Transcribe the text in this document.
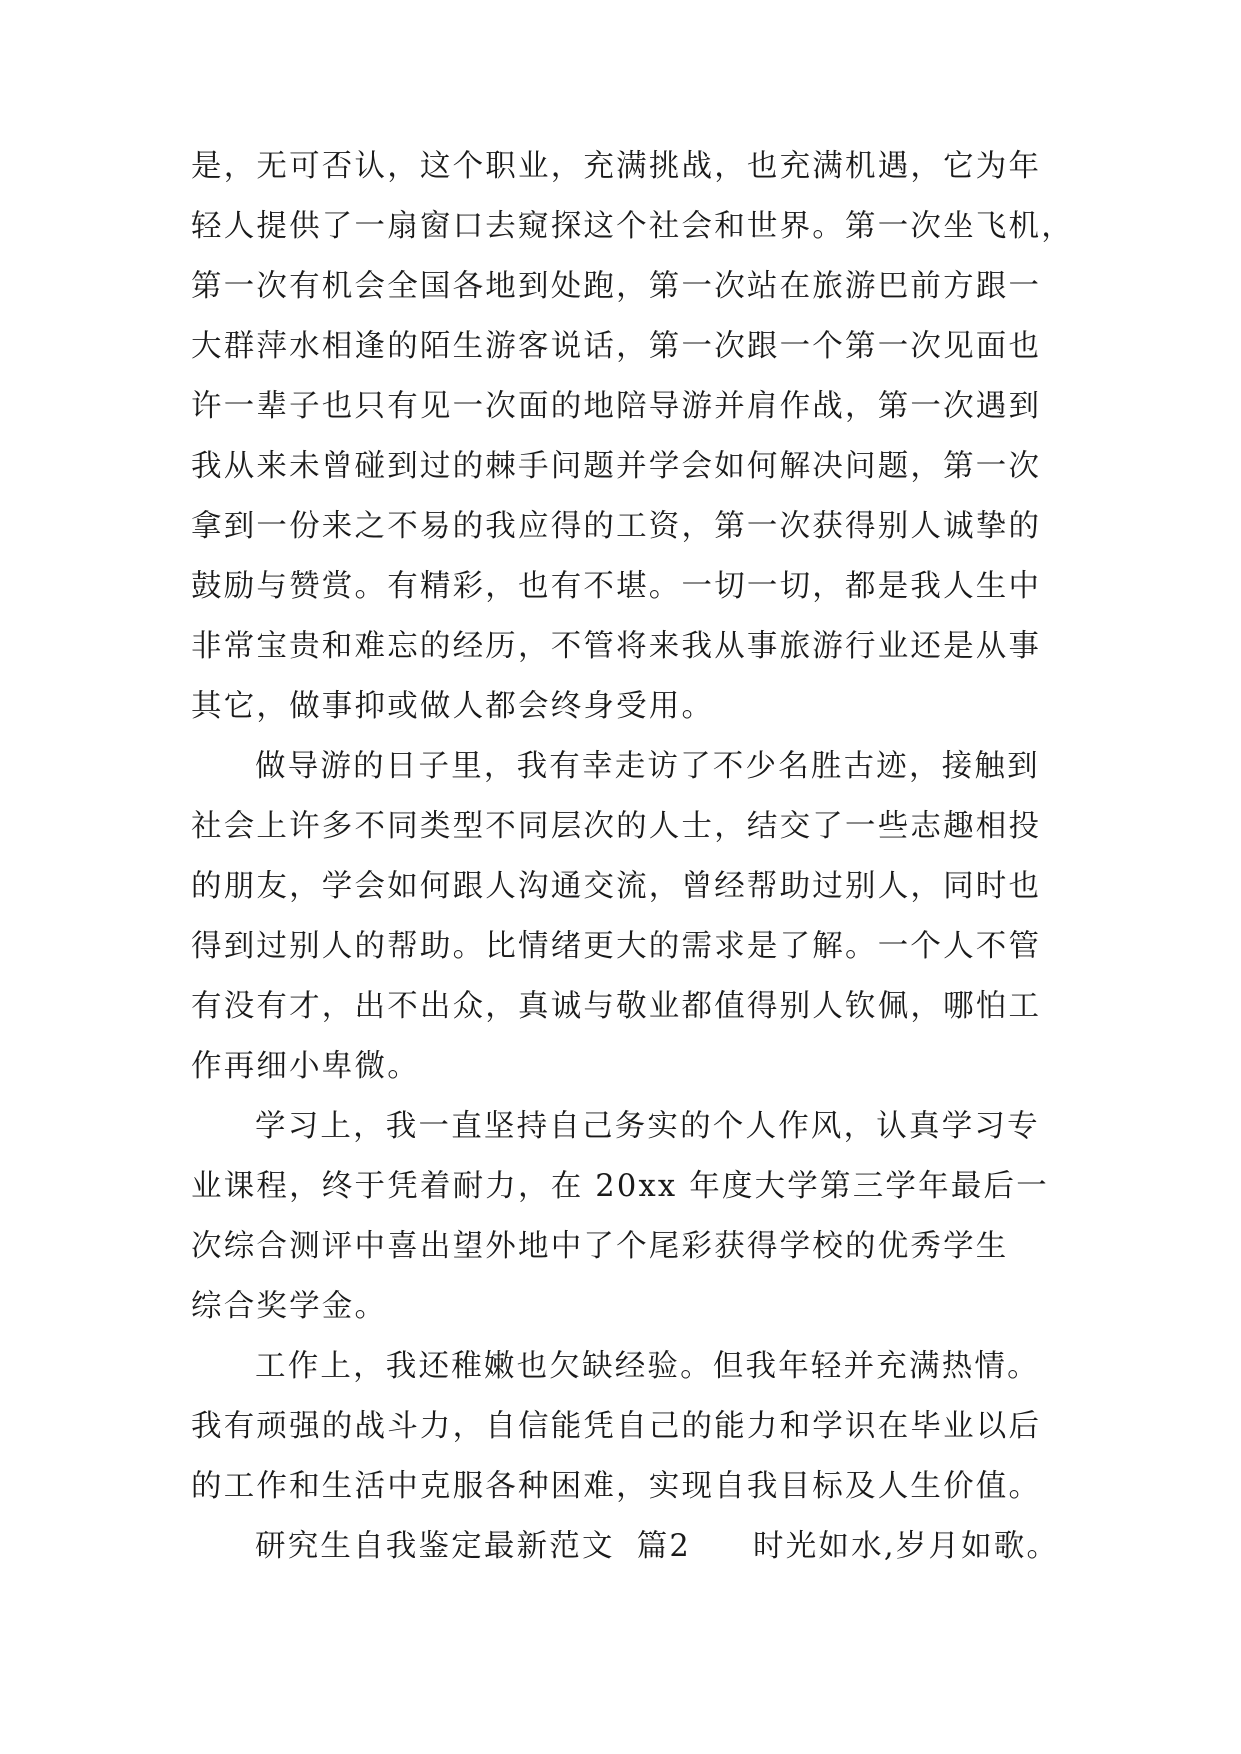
是，无可否认，这个职业，充满挑战，也充满机遇，它为年
轻人提供了一扇窗口去窥探这个社会和世界。第一次坐飞机，
第一次有机会全国各地到处跑，第一次站在旅游巴前方跟一
大群萍水相逢的陌生游客说话，第一次跟一个第一次见面也
许一辈子也只有见一次面的地陪导游并肩作战，第一次遇到
我从来未曾碰到过的棘手问题并学会如何解决问题，第一次
拿到一份来之不易的我应得的工资，第一次获得别人诚挚的
鼓励与赞赏。有精彩，也有不堪。一切一切，都是我人生中
非常宝贵和难忘的经历，不管将来我从事旅游行业还是从事
其它，做事抑或做人都会终身受用。
做导游的日子里，我有幸走访了不少名胜古迹，接触到
社会上许多不同类型不同层次的人士，结交了一些志趣相投
的朋友，学会如何跟人沟通交流，曾经帮助过别人，同时也
得到过别人的帮助。比情绪更大的需求是了解。一个人不管
有没有才，出不出众，真诚与敬业都值得别人钦佩，哪怕工
作再细小卑微。
学习上，我一直坚持自己务实的个人作风，认真学习专
业课程，终于凭着耐力，在 20xx 年度大学第三学年最后一
次综合测评中喜出望外地中了个尾彩获得学校的优秀学生
综合奖学金。
工作上，我还稚嫩也欠缺经验。但我年轻并充满热情。
我有顽强的战斗力，自信能凭自己的能力和学识在毕业以后
的工作和生活中克服各种困难，实现自我目标及人生价值。
研究生自我鉴定最新范文 篇2 时光如水,岁月如歌。
